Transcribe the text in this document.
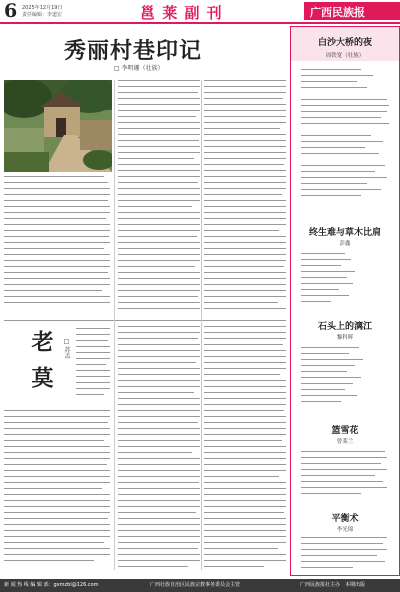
6 2025年12月19日
责任编辑：李道宏	邕 莱 副 刊	广西民族报
秀丽村巷印记
□ 李明珊（壮族）
老莫 □ 苏孟
白沙大桥的夜
周铁宽（壮族）
终生难与草木比肩
彭鑫
石头上的漓江
黎科辉
篮雪花
曾莱兰
平衡术
李光锦
新 闻 热 线 编 辑 部：gxmzbl@126.com	广西壮族自治区民族宗教事务委员会主管	广西民族报社主办　本期出版
